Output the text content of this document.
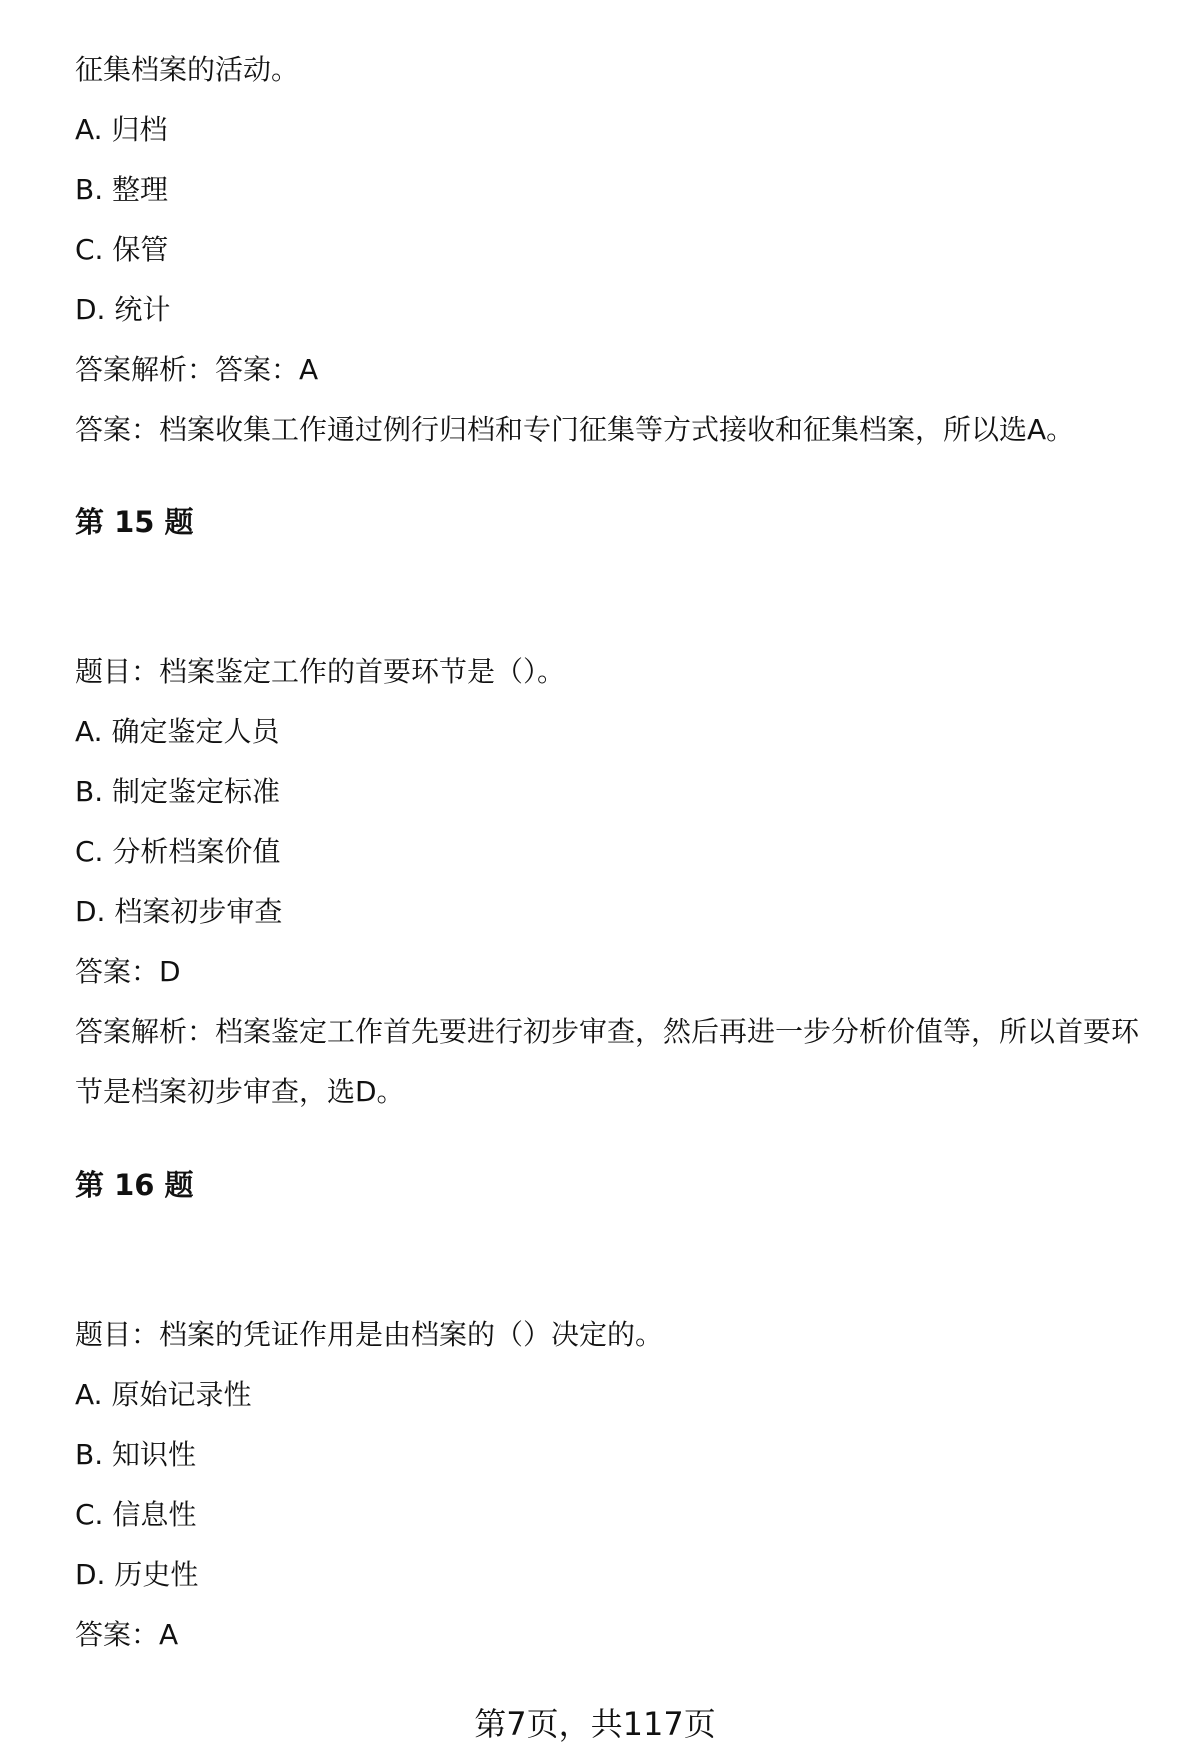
征集档案的活动。
A. 归档
B. 整理
C. 保管
D. 统计
答案解析：答案：A
答案：档案收集工作通过例行归档和专门征集等方式接收和征集档案，所以选A。
第 15 题
题目：档案鉴定工作的首要环节是（）。
A. 确定鉴定人员
B. 制定鉴定标准
C. 分析档案价值
D. 档案初步审查
答案：D
答案解析：档案鉴定工作首先要进行初步审查，然后再进一步分析价值等，所以首要环节是档案初步审查，选D。
第 16 题
题目：档案的凭证作用是由档案的（）决定的。
A. 原始记录性
B. 知识性
C. 信息性
D. 历史性
答案：A
第7页，共117页
